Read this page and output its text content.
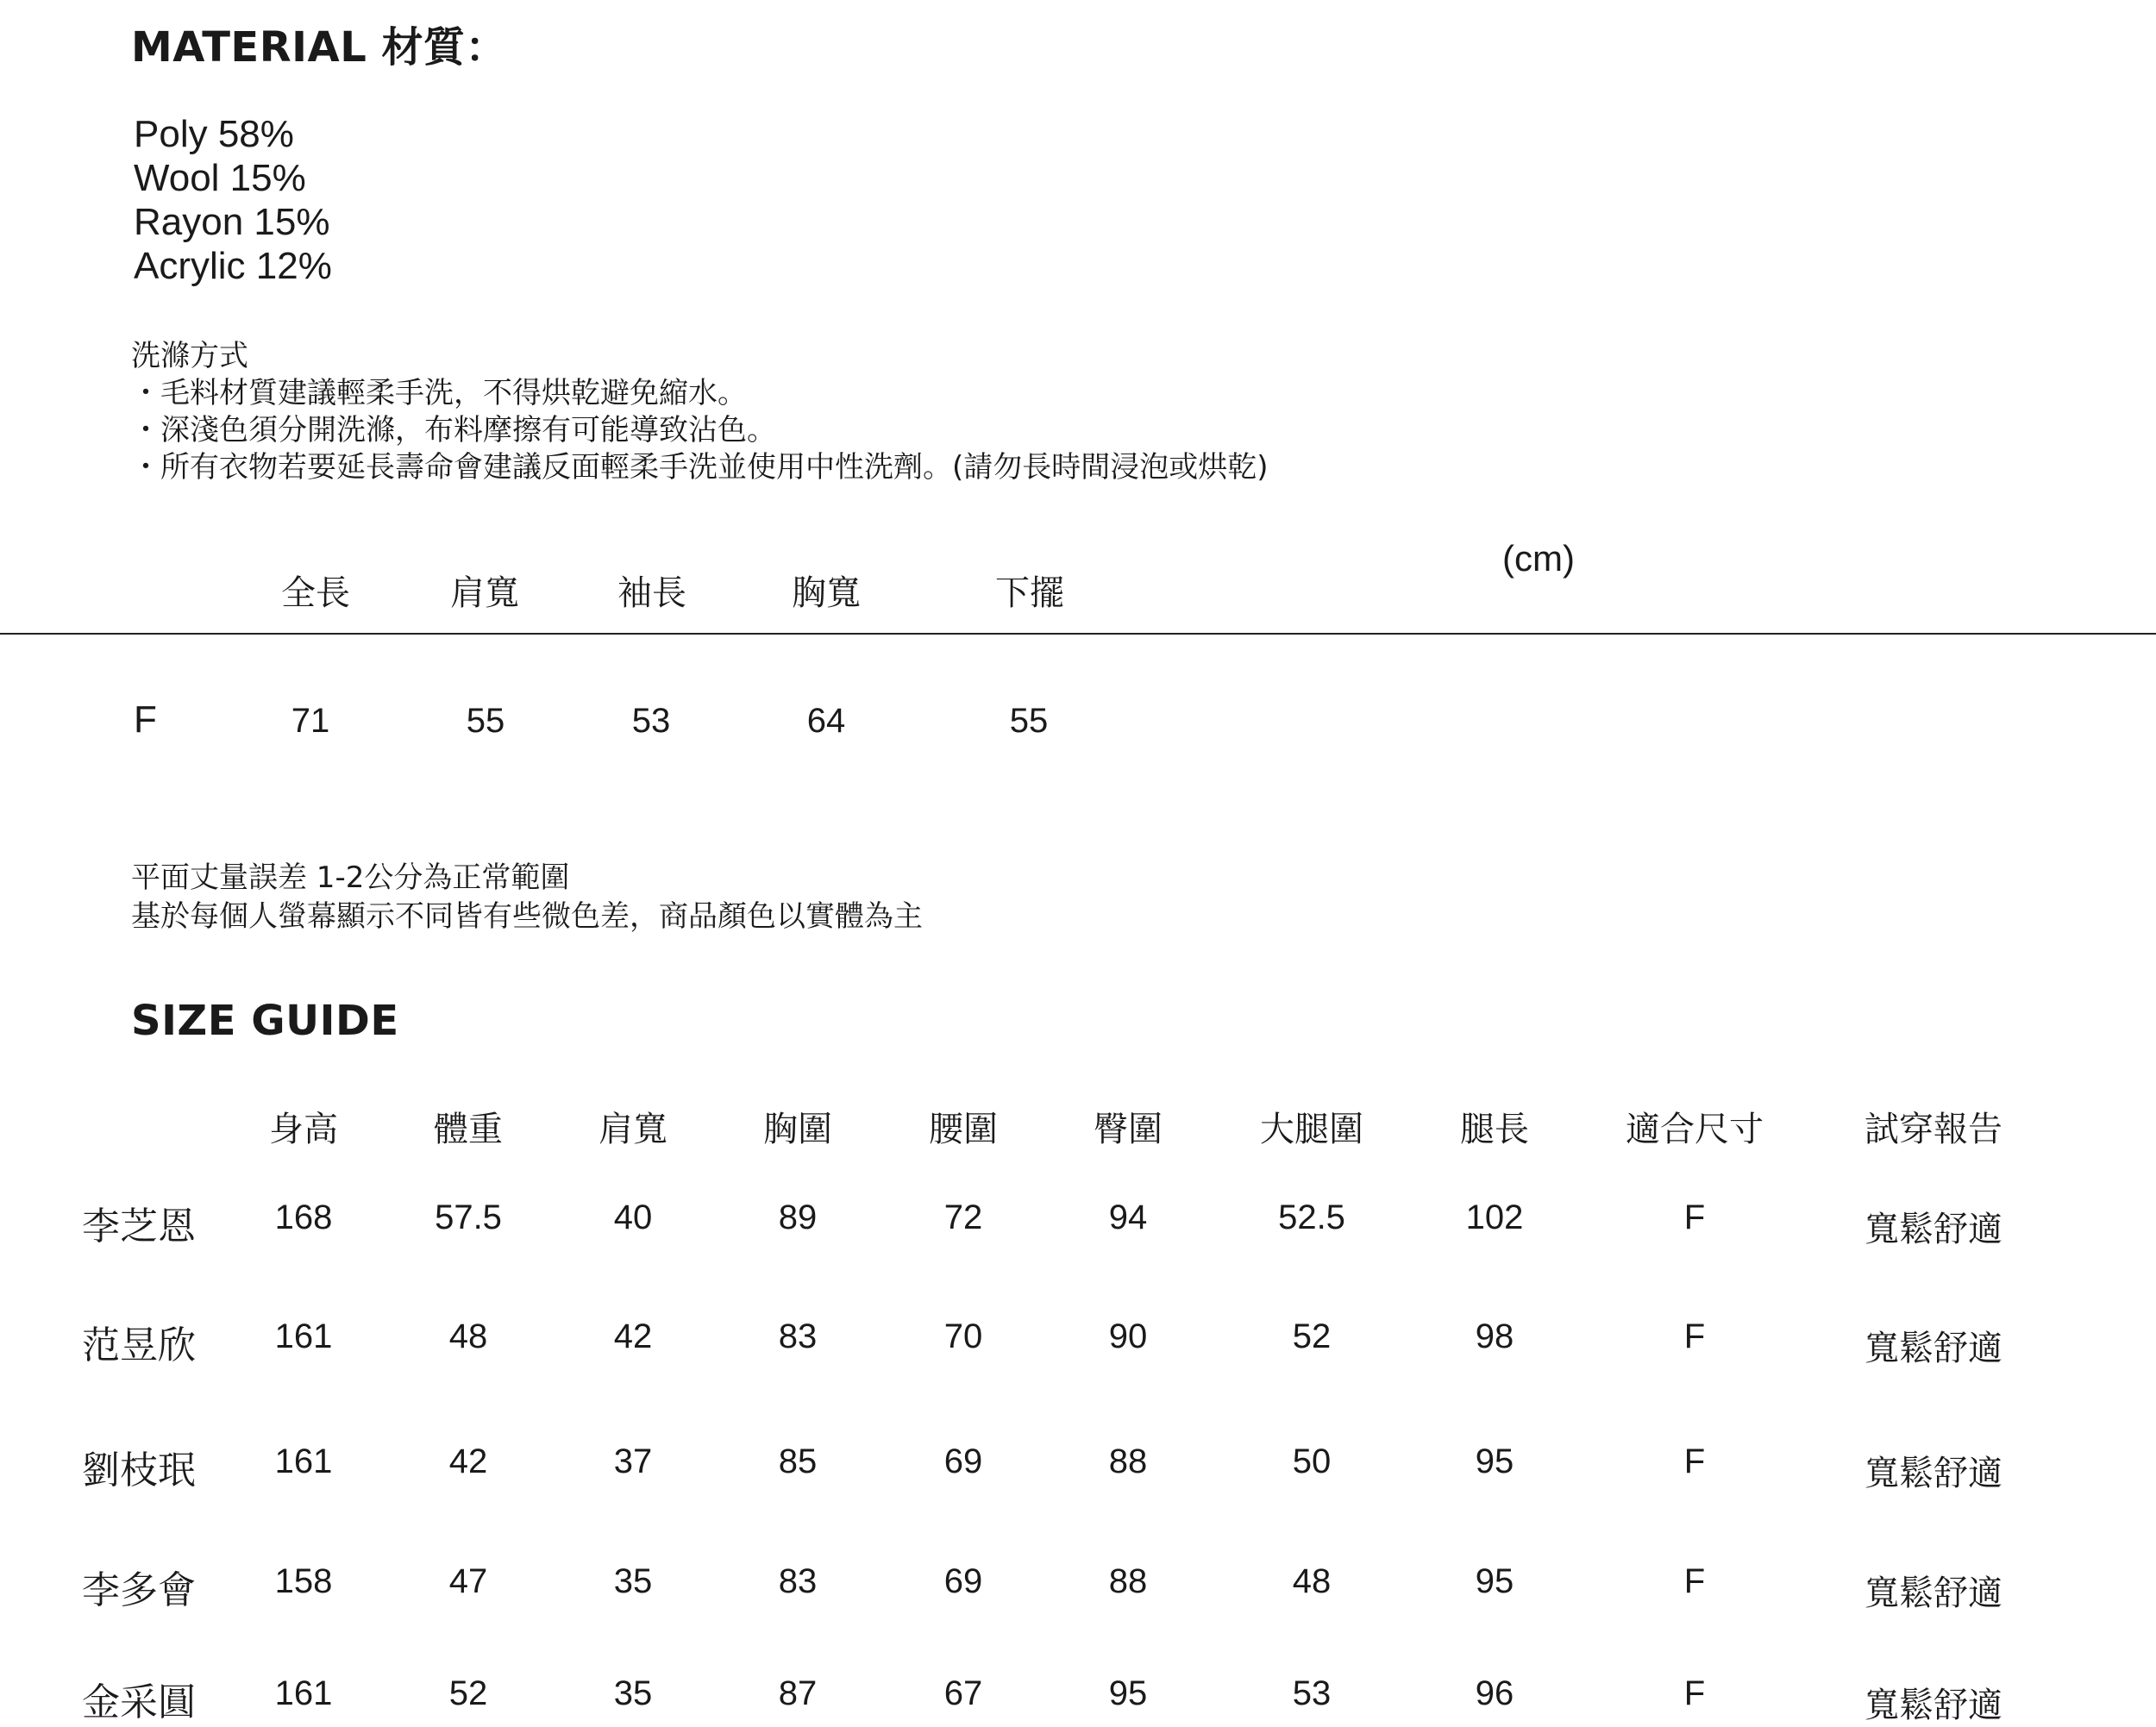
MATERIAL 材質：
Poly 58%
Wool 15%
Rayon 15%
Acrylic 12%
洗滌方式
・毛料材質建議輕柔手洗，不得烘乾避免縮水。
・深淺色須分開洗滌，布料摩擦有可能導致沾色。
・所有衣物若要延長壽命會建議反面輕柔手洗並使用中性洗劑。(請勿長時間浸泡或烘乾)
(cm)
全長	肩寬	袖長	胸寬	下擺
F	71	55	53	64	55
平面丈量誤差 1-2公分為正常範圍
基於每個人螢幕顯示不同皆有些微色差，商品顏色以實體為主
SIZE GUIDE
身高	體重	肩寬	胸圍	腰圍	臀圍	大腿圍	腿長	適合尺寸	試穿報告
李芝恩 168	57.5	40	89	72	94	52.5	102	F	寬鬆舒適
范昱欣 161	48	42	83	70	90	52	98	F	寬鬆舒適
劉枝珉 161	42	37	85	69	88	50	95	F	寬鬆舒適
李多會 158	47	35	83	69	88	48	95	F	寬鬆舒適
金采圓 161	52	35	87	67	95	53	96	F	寬鬆舒適
